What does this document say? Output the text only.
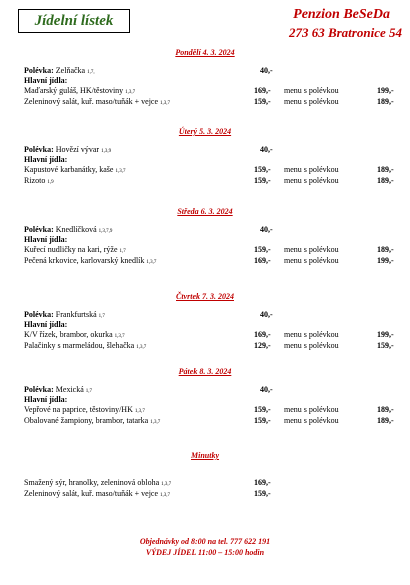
Jídelní lístek	Penzion BeSeDa
273 63 Bratronice 54
Pondělí 4. 3. 2024
Polévka: Zelňačka 1,7,	40,-
Hlavní jídla:
Maďarský guláš, HK/těstoviny 1,3,7	169,- menu s polévkou	199,-
Zeleninový salát, kuř. maso/tuňák + vejce 1,3,7	159,- menu s polévkou	189,-
Úterý 5. 3. 2024
Polévka: Hovězí vývar 1,3,9	40,-
Hlavní jídla:
Kapustové karbanátky, kaše 1,3,7	159,- menu s polévkou	189,-
Rizoto 1,9	159,- menu s polévkou	189,-
Středa 6. 3. 2024
Polévka: Knedlíčková 1,3,7,9	40,-
Hlavní jídla:
Kuřecí nudličky na kari, rýže 1,7	159,- menu s polévkou	189,-
Pečená krkovice, karlovarský knedlík 1,3,7	169,- menu s polévkou	199,-
Čtvrtek 7. 3. 2024
Polévka: Frankfurtská 1,7	40,-
Hlavní jídla:
K/V řízek, brambor, okurka 1,3,7	169,- menu s polévkou	199,-
Palačinky s marmeládou, šlehačka 1,3,7	129,- menu s polévkou	159,-
Pátek 8. 3. 2024
Polévka: Mexická 1,7	40,-
Hlavní jídla:
Vepřové na paprice, těstoviny/HK 1,3,7	159,- menu s polévkou	189,-
Obalované žampiony, brambor, tatarka 1,3,7	159,- menu s polévkou	189,-
Minutky
Smažený sýr, hranolky, zeleninová obloha 1,3,7	169,-
Zeleninový salát, kuř. maso/tuňák + vejce 1,3,7	159,-
Objednávky od 8:00 na tel. 777 622 191
VÝDEJ JÍDEL 11:00 – 15:00 hodin
